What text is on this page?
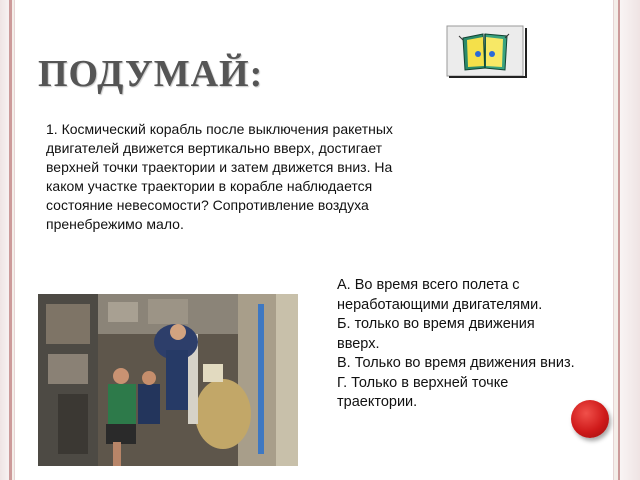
ПОДУМАЙ:

1. Космический корабль после выключения ракетных двигателей движется вертикально вверх, достигает верхней точки траектории и затем движется вниз. На каком участке траектории в корабле наблюдается состояние невесомости? Сопротивление воздуха пренебрежимо мало.

А. Во время всего полета с неработающими двигателями.
Б. только во время движения вверх.
В. Только во время движения вниз.
Г. Только в верхней точке траектории.
